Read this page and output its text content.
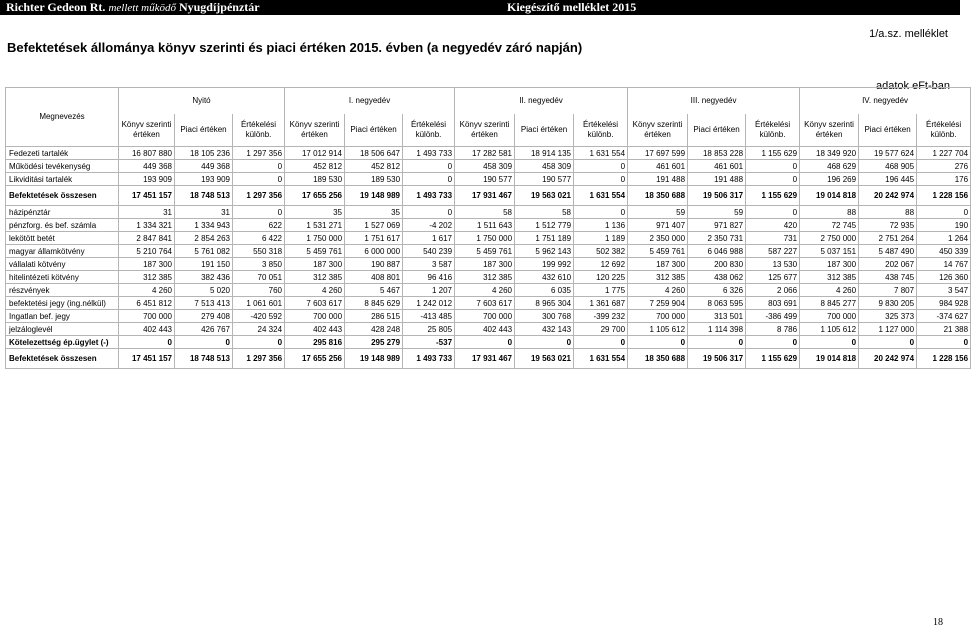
Richter Gedeon Rt. mellett működő Nyugdíjpénztár	Kiegészítő melléklet 2015
1/a.sz. melléklet
Befektetések állománya könyv szerinti és piaci értéken 2015. évben (a negyedév záró napján)
adatok eFt-ban
Megnevezés	Nyitó			I. negyedév			II. negyedév			III. negyedév			IV. negyedév		
	Könyv szerinti értéken	Piaci értéken	Értékelési különb.	Könyv szerinti értéken	Piaci értéken	Értékelési különb.	Könyv szerinti értéken	Piaci értéken	Értékelési különb.	Könyv szerinti értéken	Piaci értéken	Értékelési különb.	Könyv szerinti értéken	Piaci értéken	Értékelési különb.
Fedezeti tartalék	16 807 880	18 105 236	1 297 356	17 012 914	18 506 647	1 493 733	17 282 581	18 914 135	1 631 554	17 697 599	18 853 228	1 155 629	18 349 920	19 577 624	1 227 704
Működési tevékenység	449 368	449 368	0	452 812	452 812	0	458 309	458 309	0	461 601	461 601	0	468 629	468 905	276
Likviditási tartalék	193 909	193 909	0	189 530	189 530	0	190 577	190 577	0	191 488	191 488	0	196 269	196 445	176
Befektetések összesen	17 451 157	18 748 513	1 297 356	17 655 256	19 148 989	1 493 733	17 931 467	19 563 021	1 631 554	18 350 688	19 506 317	1 155 629	19 014 818	20 242 974	1 228 156
házipénztár	31	31	0	35	35	0	58	58	0	59	59	0	88	88	0
pénzforg. és bef. számla	1 334 321	1 334 943	622	1 531 271	1 527 069	-4 202	1 511 643	1 512 779	1 136	971 407	971 827	420	72 745	72 935	190
lekötött betét	2 847 841	2 854 263	6 422	1 750 000	1 751 617	1 617	1 750 000	1 751 189	1 189	2 350 000	2 350 731	731	2 750 000	2 751 264	1 264
magyar államkötvény	5 210 764	5 761 082	550 318	5 459 761	6 000 000	540 239	5 459 761	5 962 143	502 382	5 459 761	6 046 988	587 227	5 037 151	5 487 490	450 339
vállalati kötvény	187 300	191 150	3 850	187 300	190 887	3 587	187 300	199 992	12 692	187 300	200 830	13 530	187 300	202 067	14 767
hitelintézeti kötvény	312 385	382 436	70 051	312 385	408 801	96 416	312 385	432 610	120 225	312 385	438 062	125 677	312 385	438 745	126 360
részvények	4 260	5 020	760	4 260	5 467	1 207	4 260	6 035	1 775	4 260	6 326	2 066	4 260	7 807	3 547
befektetési jegy (ing.nélkül)	6 451 812	7 513 413	1 061 601	7 603 617	8 845 629	1 242 012	7 603 617	8 965 304	1 361 687	7 259 904	8 063 595	803 691	8 845 277	9 830 205	984 928
Ingatlan bef. jegy	700 000	279 408	-420 592	700 000	286 515	-413 485	700 000	300 768	-399 232	700 000	313 501	-386 499	700 000	325 373	-374 627
jelzáloglevél	402 443	426 767	24 324	402 443	428 248	25 805	402 443	432 143	29 700	1 105 612	1 114 398	8 786	1 105 612	1 127 000	21 388
Kötelezettség ép.ügylet (-)	0	0	0	295 816	295 279	-537	0	0	0	0	0	0	0	0	0
Befektetések összesen	17 451 157	18 748 513	1 297 356	17 655 256	19 148 989	1 493 733	17 931 467	19 563 021	1 631 554	18 350 688	19 506 317	1 155 629	19 014 818	20 242 974	1 228 156
18
